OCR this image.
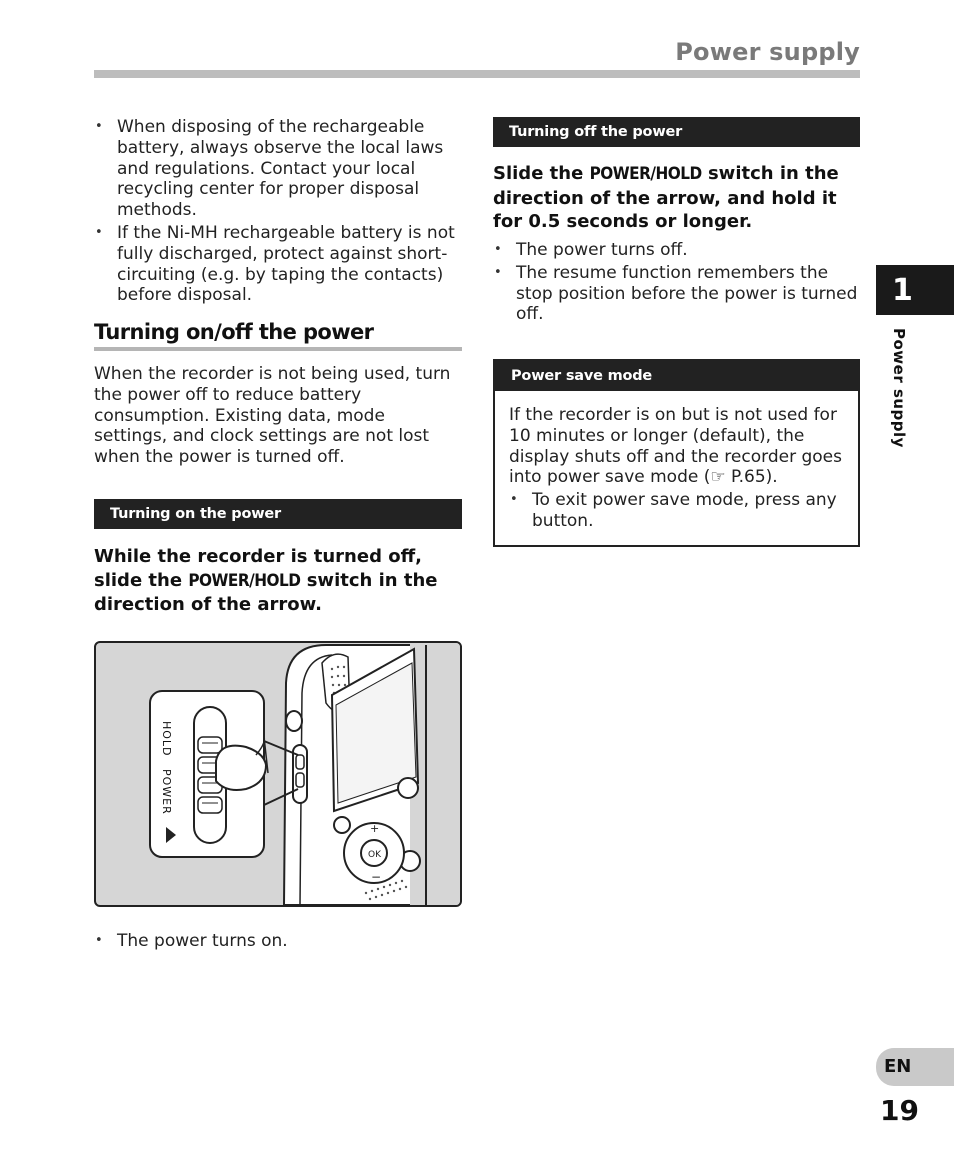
Power supply
• When disposing of the rechargeable battery, always observe the local laws and regulations. Contact your local recycling center for proper disposal methods.
• If the Ni-MH rechargeable battery is not fully discharged, protect against short-circuiting (e.g. by taping the contacts) before disposal.
Turning on/off the power
When the recorder is not being used, turn the power off to reduce battery consumption. Existing data, mode settings, and clock settings are not lost when the power is turned off.
Turning on the power
While the recorder is turned off, slide the POWER/HOLD switch in the direction of the arrow.
OK
+
−
HOLD
POWER
• The power turns on.
Turning off the power
Slide the POWER/HOLD switch in the direction of the arrow, and hold it for 0.5 seconds or longer.
• The power turns off.
• The resume function remembers the stop position before the power is turned off.
Power save mode
If the recorder is on but is not used for 10 minutes or longer (default), the display shuts off and the recorder goes into power save mode (☞ P.65).
• To exit power save mode, press any button.
1
Power supply
EN
19
